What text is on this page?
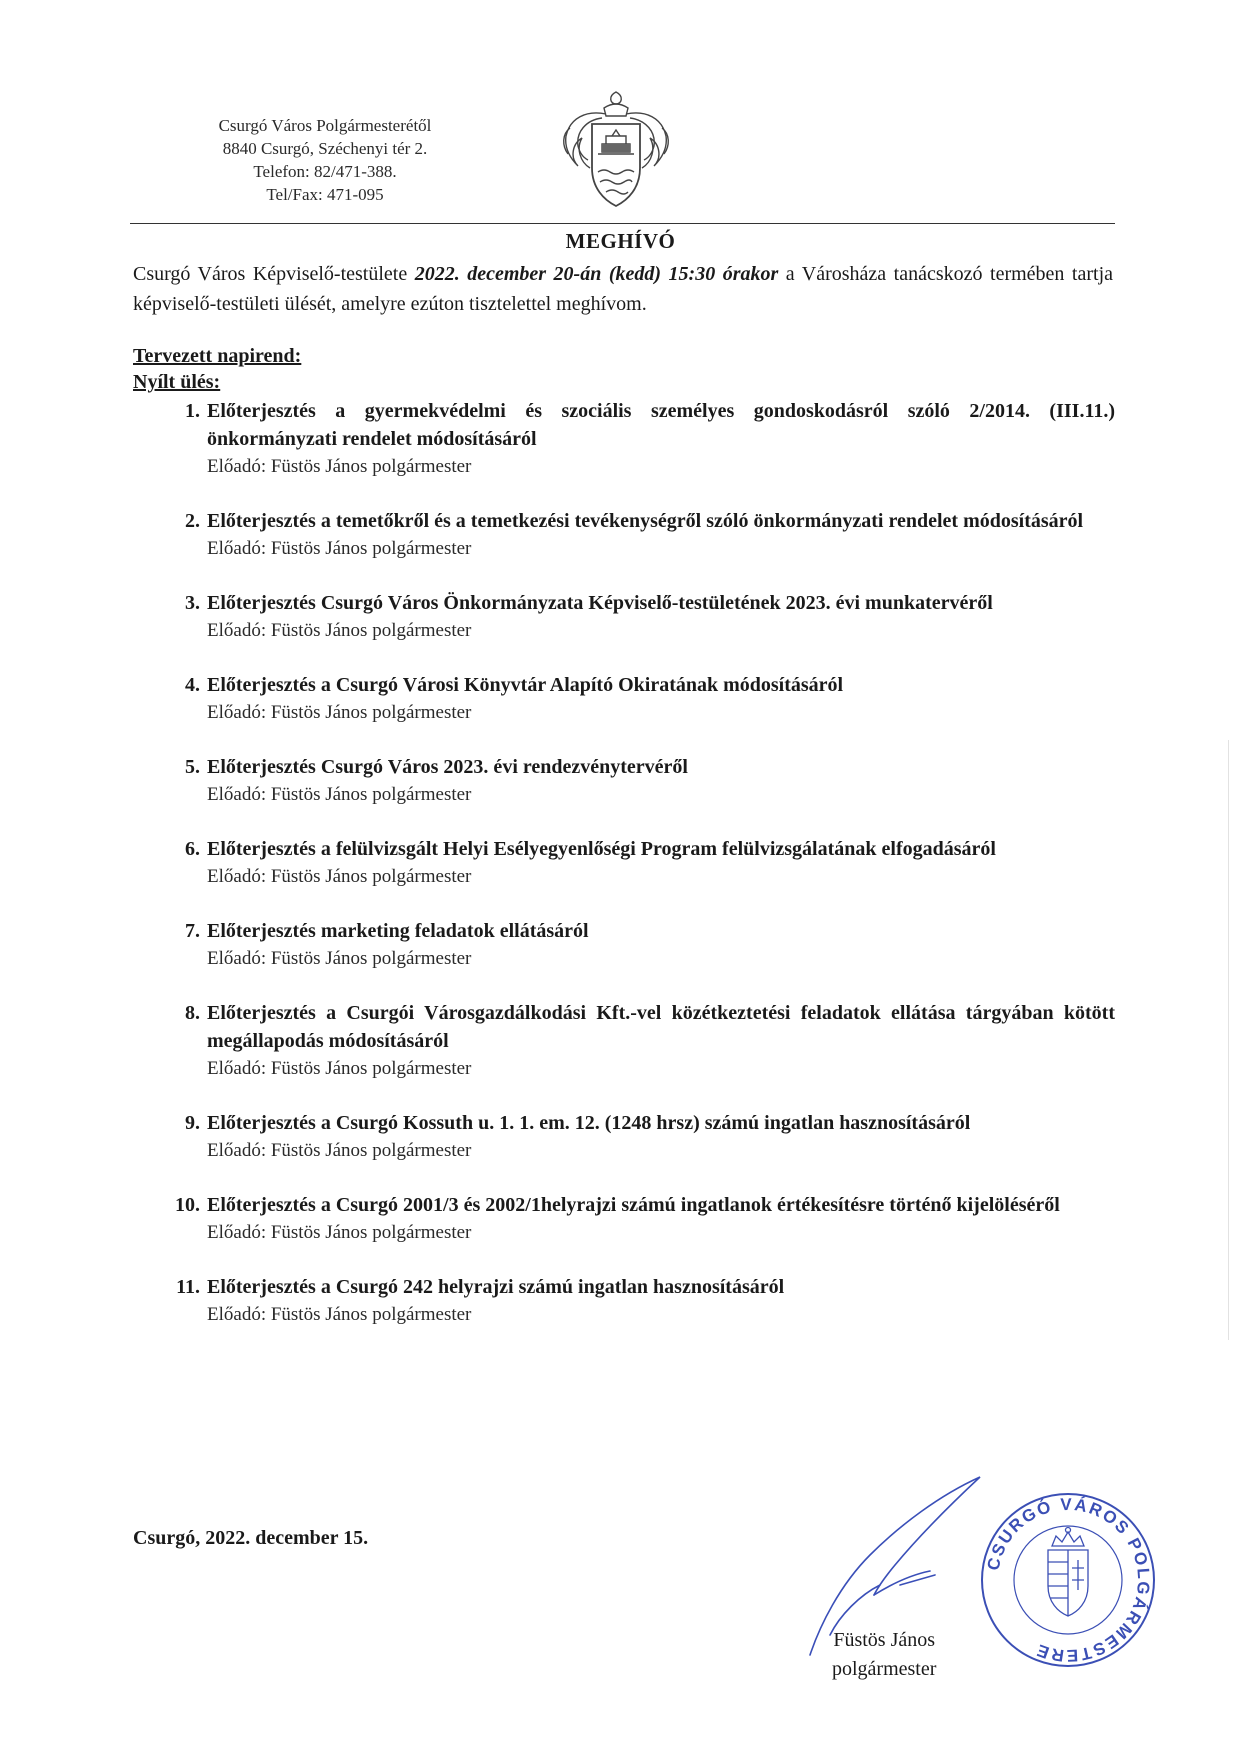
Csurgó Város Polgármesterétől
8840 Csurgó, Széchenyi tér 2.
Telefon: 82/471-388.
Tel/Fax: 471-095
MEGHÍVÓ
Csurgó Város Képviselő-testülete 2022. december 20-án (kedd) 15:30 órakor a Városháza tanácskozó termében tartja képviselő-testületi ülését, amelyre ezúton tisztelettel meghívom.
Tervezett napirend:
Nyílt ülés:
1. Előterjesztés a gyermekvédelmi és szociális személyes gondoskodásról szóló 2/2014. (III.11.) önkormányzati rendelet módosításáról
Előadó: Füstös János polgármester
2. Előterjesztés a temetőkről és a temetkezési tevékenységről szóló önkormányzati rendelet módosításáról
Előadó: Füstös János polgármester
3. Előterjesztés Csurgó Város Önkormányzata Képviselő-testületének 2023. évi munkatervéről
Előadó: Füstös János polgármester
4. Előterjesztés a Csurgó Városi Könyvtár Alapító Okiratának módosításáról
Előadó: Füstös János polgármester
5. Előterjesztés Csurgó Város 2023. évi rendezvénytervéről
Előadó: Füstös János polgármester
6. Előterjesztés a felülvizsgált Helyi Esélyegyenlőségi Program felülvizsgálatának elfogadásáról
Előadó: Füstös János polgármester
7. Előterjesztés marketing feladatok ellátásáról
Előadó: Füstös János polgármester
8. Előterjesztés a Csurgói Városgazdálkodási Kft.-vel közétkeztetési feladatok ellátása tárgyában kötött megállapodás módosításáról
Előadó: Füstös János polgármester
9. Előterjesztés a Csurgó Kossuth u. 1. 1. em. 12. (1248 hrsz) számú ingatlan hasznosításáról
Előadó: Füstös János polgármester
10. Előterjesztés a Csurgó 2001/3 és 2002/1helyrajzi számú ingatlanok értékesítésre történő kijelöléséről
Előadó: Füstös János polgármester
11. Előterjesztés a Csurgó 242 helyrajzi számú ingatlan hasznosításáról
Előadó: Füstös János polgármester
Csurgó, 2022. december 15.
Füstös János
polgármester
CSURGÓ VÁROS POLGÁRMESTERE
